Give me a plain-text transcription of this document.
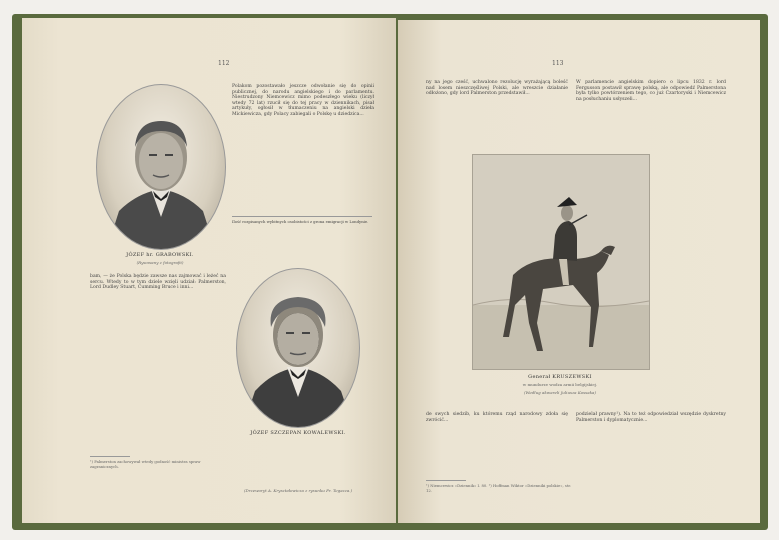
112
JÓZEF hr. GRABOWSKI.
(Rysowany z fotografii)
Polakom pozostawało jeszcze odwołanie się do opinii publicznej, do narodu angielskiego i do parlamentu. Niestrudzony Niemcewicz mimo podeszłego wieku (liczył wtedy 72 lat) rzucił się do tej pracy w dziennikach, pisał artykuły, ogłosił w tłumaczeniu na angielski dzieła Mickiewicza, gdy Polacy zabiegali o Polskę u dziedzica...
Ilość rozpisanych wybitnych osobistości z grona emigracji w Londynie.
bam, — że Polska będzie zawsze nas zajmować i leżeć na sercu. Wtedy to w tym dziele wzięli udział: Palmerston, Lord Dudley Stuart, Cumming Bruce i inni...
¹) Palmerston zachowywał wtedy godność ministra spraw zagranicznych.
JÓZEF SZCZEPAN KOWALEWSKI.
(Drzeworyt A. Kryształowicza z rysunku Fr. Tegazza.)
113
ny na jego cześć, uchwalono rezolucję wyrażającą boleść nad losem nieszczęśliwej Polski, ale wreszcie działanie odłożono, gdy lord Palmerston przedstawił...
W parlamencie angielskim dopiero o lipcu 1832 r. lord Fergusson postawił sprawę polską, ale odpowiedź Palmerstona była tylko powtórzeniem tego, co już Czartoryski i Niemcewicz na posłuchaniu usłyszeli...
Generał KRUSZEWSKI
w mundurze wodza armii belgijskiej.
(Według akwareli Juliusza Kossaka)
de swych siedzib, ku któremu rząd narodowy zdoła się zwrócić...
podzielał prawny¹). Na to też odpowiedział wszędzie dyskretny Palmerston i dyplomatycznie...
¹) Niemcewicz »Dziennik« I. 80. ²) Hoffman Wiktor »Dzienniki polskie«, str. 12.
